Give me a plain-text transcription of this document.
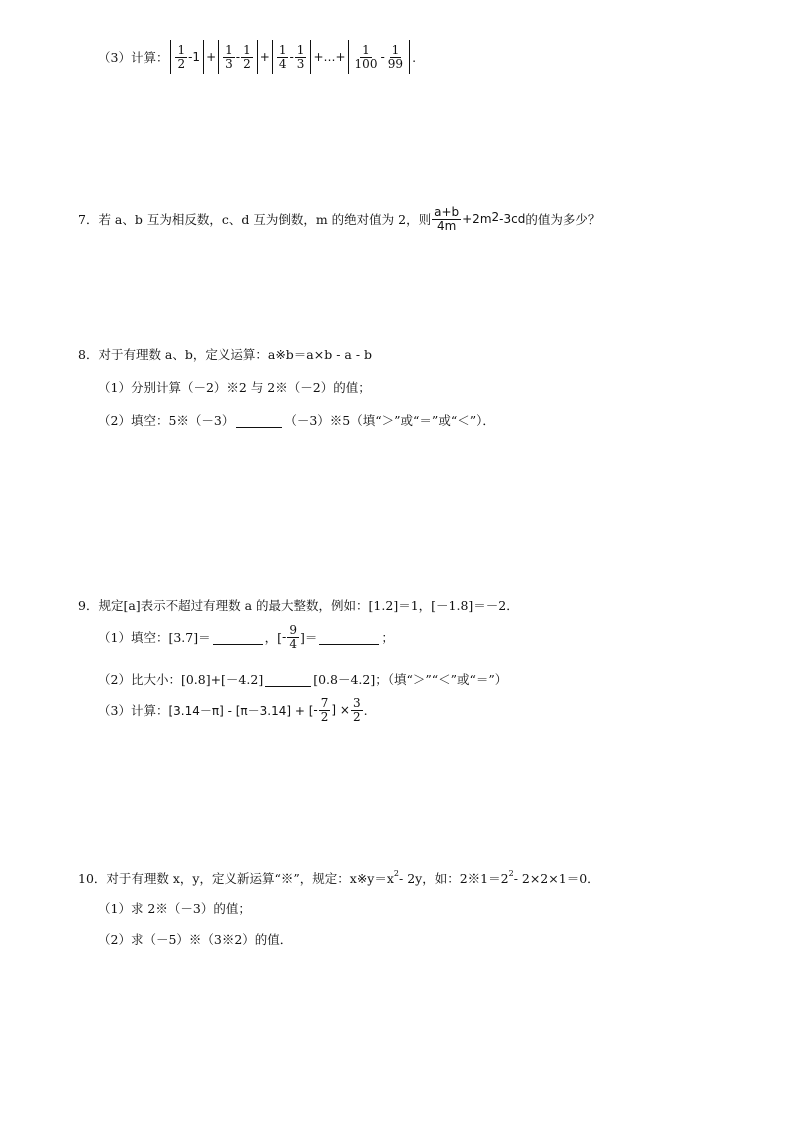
（3）计算： $\frac{1}{2} -1 + \frac{1}{3} - \frac{1}{2} + \frac{1}{4} - \frac{1}{3}$ +…+ $\frac{1}{100} - \frac{1}{99}$ .
7．若 a、b 互为相反数，c、d 互为倒数，m 的绝对值为 2，则 $\frac{a+b}{4m} +2m$ 2 -3cd 的值为多少？
8．对于有理数 a、b，定义运算：a※b＝a×b - a - b
（1）分别计算（－2）※2 与 2※（－2）的值；
（2）填空：5※（－3）	（－3）※5（填“＞”或“＝”或“＜”）．
9．规定[a]表示不超过有理数 a 的最大整数，例如：[1.2]＝1，[－1.8]＝－2．
（1）填空：[3.7]＝	，[ - $\frac{9}{4}$ ]＝	；
（2）比大小：[0.8]+[－4.2]	[0.8－4.2]；（填“＞”“＜”或“＝”）
（3）计算： [3.14－π] - [π－3.14] + [ - $\frac{7}{2}$ ] × $\frac{3}{2}$ .
10．对于有理数 x，y，定义新运算“※”，规定：$x※y=x^2 - 2y$，如：$2※1=2^2 - 2\times 2\times 1=0$．
（1）求 2※（－3）的值；
（2）求（－5）※（3※2）的值．
